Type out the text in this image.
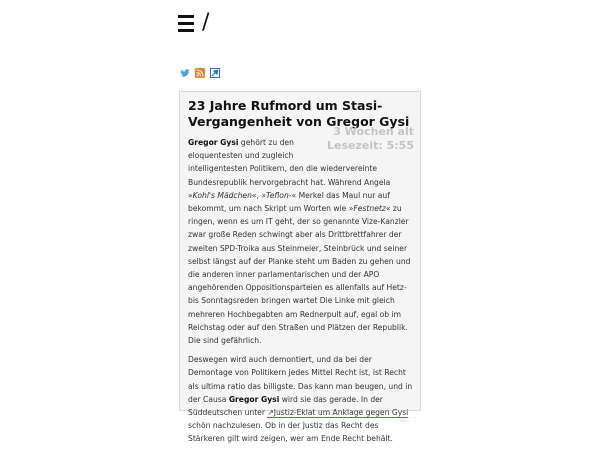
/
23 Jahre Rufmord um Stasi-Vergangenheit von Gregor Gysi
3 Wochen alt
Lesezeit: 5:55

Gregor Gysi gehört zu den eloquentesten und zugleich intelligentesten Politikern, den die wiedervereinte Bundesrepublik hervorgebracht hat. Während Angela »Kohl's Mädchen«, »Teflon-« Merkel das Maul nur auf bekommt, um nach Skript um Worten wie »Festnetz« zu ringen, wenn es um IT geht, der so genannte Vize-Kanzler zwar große Reden schwingt aber als Drittbrettfahrer der zweiten SPD-Troika aus Steinmeier, Steinbrück und seiner selbst längst auf der Planke steht um Baden zu gehen und die anderen inner parlamentarischen und der APO angehörenden Oppositionsparteien es allenfalls auf Hetz- bis Sonntagsreden bringen wartet Die Linke mit gleich mehreren Hochbegabten am Rednerpult auf, egal ob im Reichstag oder auf den Straßen und Plätzen der Republik. Die sind gefährlich.

Deswegen wird auch demontiert, und da bei der Demontage von Politikern jedes Mittel Recht ist, ist Recht als ultima ratio das billigste. Das kann man beugen, und in der Causa Gregor Gysi wird sie das gerade. In der Süddeutschen unter ↗Justiz-Eklat um Anklage gegen Gysi schön nachzulesen. Ob in der Justiz das Recht des Stärkeren gilt wird zeigen, wer am Ende Recht behält.
